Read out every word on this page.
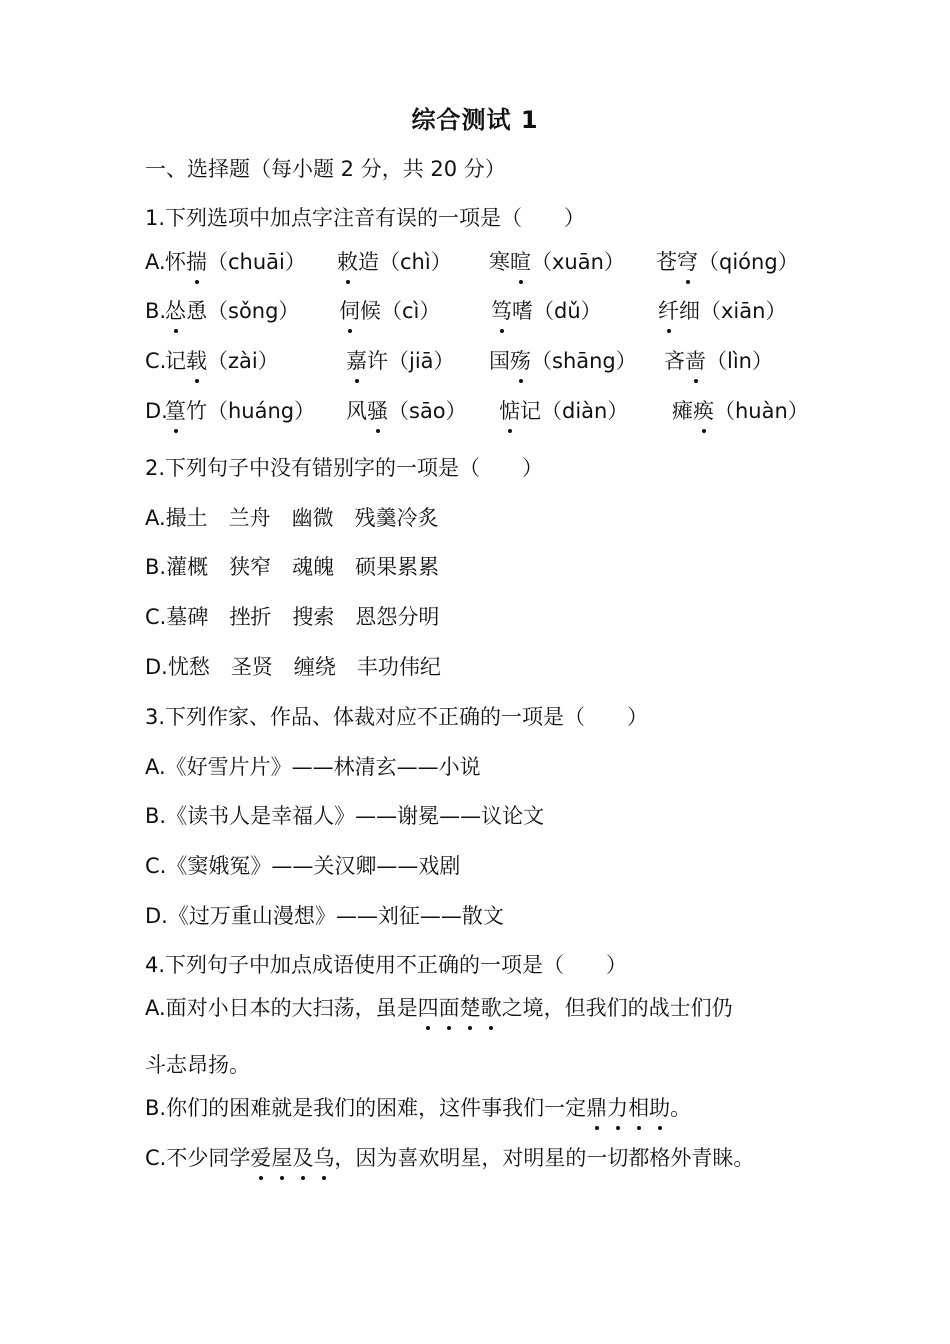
综合测试 1
一、选择题（每小题 2 分，共 20 分）
1.下列选项中加点字注音有误的一项是（　　）
A. 怀揣（chuāi） 敕造（chì） 寒暄（xuān） 苍穹（qióng）
B.
怂恿（sǒng） 伺候（cì） 笃嗜（dǔ）	纤细（xiān）
C.
记载（zài）	嘉许（jiā） 国殇（shāng） 吝啬（lìn）
D.
篁竹（huáng） 风骚（sāo） 惦记（diàn） 瘫痪（huàn）
2.下列句子中没有错别字的一项是（　　）
A.撮土　兰舟　幽微　残羹冷炙
B.灌概　狭窄　魂魄　硕果累累
C.墓碑　挫折　搜索　恩怨分明
D.忧愁　圣贤　缠绕　丰功伟纪
3.下列作家、作品、体裁对应不正确的一项是（　　）
A.《好雪片片》——林清玄——小说
B.《读书人是幸福人》——谢冕——议论文
C.《窦娥冤》——关汉卿——戏剧
D.《过万重山漫想》——刘征——散文
4.下列句子中加点成语使用不正确的一项是（　　）
A.面对小日本的大扫荡，虽是四面楚歌之境，但我们的战士们仍
斗志昂扬。
B.你们的困难就是我们的困难，这件事我们一定鼎力相助。
C.不少同学爱屋及乌，因为喜欢明星，对明星的一切都格外青睐。
